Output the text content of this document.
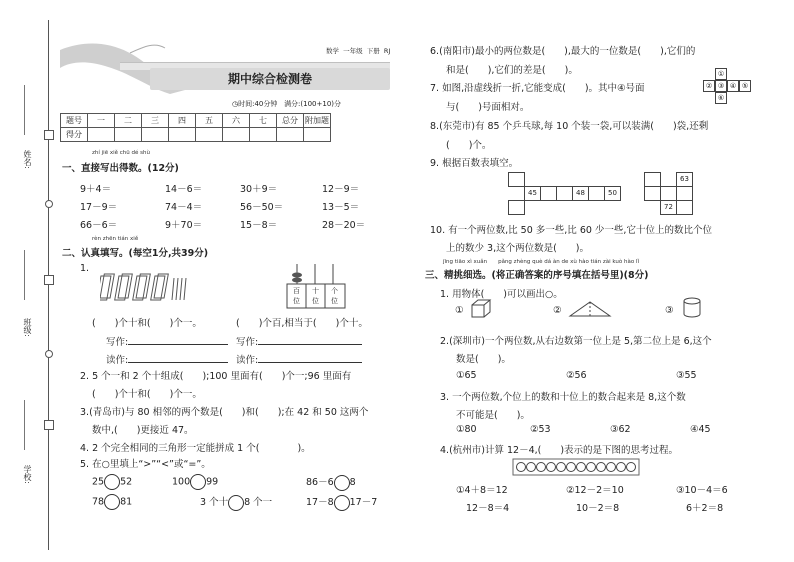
姓名:
班级:
学校:
数学 一年级 下册 RJ
期中综合检测卷
◷时间:40分钟 满分:(100+10)分
题号	一	二	三	四	五	六	七	总分	附加题
得分									
zhí jiē xiě chū dé shù
一、直接写出得数。(12分)
9＋4＝	14－6＝	30＋9＝	12－9＝
17－9＝	74－4＝	56－50＝	13－5＝
66－6＝	9＋70＝	15－8＝	28－20＝
rèn zhēn tián xiě
二、认真填写。(每空1分,共39分)
1.
百 十 个
位 位 位
(　　)个十和(　　)个一。	(　　)个百,相当于(　　)个十。
写作:	写作:
读作:	读作:
2. 5 个一和 2 个十组成(　　);100 里面有(　　)个一;96 里面有
(　　)个十和(　　)个一。
3.(青岛市)与 80 相邻的两个数是(　　)和(　　);在 42 和 50 这两个
数中,(　　)更接近 47。
4. 2 个完全相同的三角形一定能拼成 1 个(　　　　)。
5. 在○里填上“>”“<”或“=”。
25 52	100 99	86－6 8
78 81	3 个十 8 个一	17－8 17－7
6.(南阳市)最小的两位数是(　　),最大的一位数是(　　),它们的
和是(　　),它们的差是(　　)。
7. 如图,沿虚线折一折,它能变成(　　)。其中④号面
与(　　)号面相对。
② ③ ④ ⑤
①
⑥
8.(东莞市)有 85 个乒乓球,每 10 个装一袋,可以装满(　　)袋,还剩
(　　)个。
9. 根据百数表填空。
45	48	50
63
72
10. 有一个两位数,比 50 多一些,比 60 少一些,它十位上的数比个位
上的数少 3,这个两位数是(　　)。
jīng tiāo xì xuǎn　　pǎng zhèng què dá àn de xù hào tián zài kuò hào lǐ
三、精挑细选。(将正确答案的序号填在括号里)(8分)
1. 用物体(　　)可以画出○。
①	②	③
2.(深圳市)一个两位数,从右边数第一位上是 5,第二位上是 6,这个
数是(　　)。
①65	②56	③55
3. 一个两位数,个位上的数和十位上的数合起来是 8,这个数
不可能是(　　)。
①80	②53	③62	④45
4.(杭州市)计算 12－4,(　　)表示的是下图的思考过程。
①4＋8＝12	②12－2＝10	③10－4＝6
12－8＝4	10－2＝8	6＋2＝8
